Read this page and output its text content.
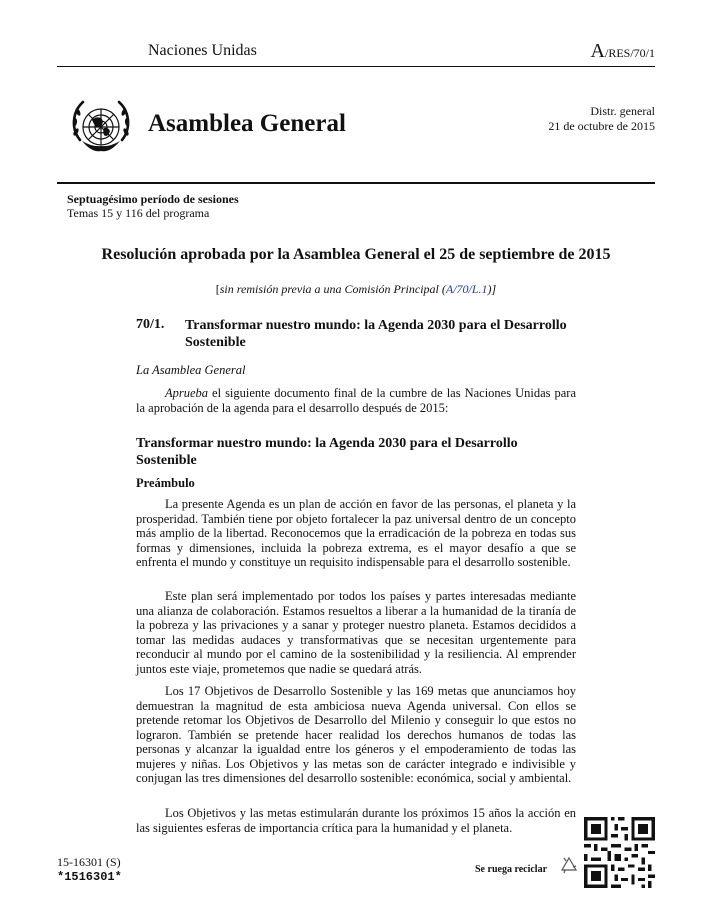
Naciones Unidas	A/RES/70/1
Asamblea General	Distr. general
21 de octubre de 2015
Septuagésimo período de sesiones
Temas 15 y 116 del programa
Resolución aprobada por la Asamblea General el 25 de septiembre de 2015
[sin remisión previa a una Comisión Principal (A/70/L.1)]
70/1. Transformar nuestro mundo: la Agenda 2030 para el Desarrollo Sostenible
La Asamblea General
Aprueba el siguiente documento final de la cumbre de las Naciones Unidas para la aprobación de la agenda para el desarrollo después de 2015:
Transformar nuestro mundo: la Agenda 2030 para el Desarrollo Sostenible
Preámbulo
La presente Agenda es un plan de acción en favor de las personas, el planeta y la prosperidad. También tiene por objeto fortalecer la paz universal dentro de un concepto más amplio de la libertad. Reconocemos que la erradicación de la pobreza en todas sus formas y dimensiones, incluida la pobreza extrema, es el mayor desafío a que se enfrenta el mundo y constituye un requisito indispensable para el desarrollo sostenible.
Este plan será implementado por todos los países y partes interesadas mediante una alianza de colaboración. Estamos resueltos a liberar a la humanidad de la tiranía de la pobreza y las privaciones y a sanar y proteger nuestro planeta. Estamos decididos a tomar las medidas audaces y transformativas que se necesitan urgentemente para reconducir al mundo por el camino de la sostenibilidad y la resiliencia. Al emprender juntos este viaje, prometemos que nadie se quedará atrás.
Los 17 Objetivos de Desarrollo Sostenible y las 169 metas que anunciamos hoy demuestran la magnitud de esta ambiciosa nueva Agenda universal. Con ellos se pretende retomar los Objetivos de Desarrollo del Milenio y conseguir lo que estos no lograron. También se pretende hacer realidad los derechos humanos de todas las personas y alcanzar la igualdad entre los géneros y el empoderamiento de todas las mujeres y niñas. Los Objetivos y las metas son de carácter integrado e indivisible y conjugan las tres dimensiones del desarrollo sostenible: económica, social y ambiental.
Los Objetivos y las metas estimularán durante los próximos 15 años la acción en las siguientes esferas de importancia crítica para la humanidad y el planeta.
15-16301 (S)
*1516301*
Se ruega reciclar
